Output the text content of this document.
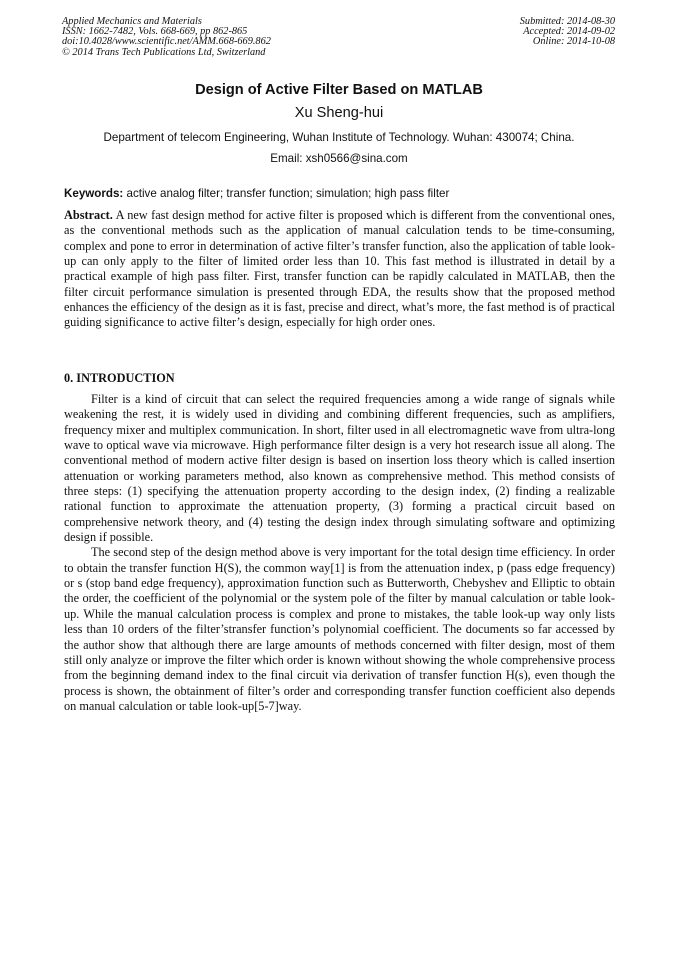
Applied Mechanics and Materials
ISSN: 1662-7482, Vols. 668-669, pp 862-865
doi:10.4028/www.scientific.net/AMM.668-669.862
© 2014 Trans Tech Publications Ltd, Switzerland
Submitted: 2014-08-30
Accepted: 2014-09-02
Online: 2014-10-08
Design of Active Filter Based on MATLAB
Xu Sheng-hui
Department of telecom Engineering, Wuhan Institute of Technology. Wuhan: 430074; China.
Email: xsh0566@sina.com
Keywords: active analog filter; transfer function; simulation; high pass filter
Abstract. A new fast design method for active filter is proposed which is different from the conventional ones, as the conventional methods such as the application of manual calculation tends to be time-consuming, complex and pone to error in determination of active filter’s transfer function, also the application of table look-up can only apply to the filter of limited order less than 10. This fast method is illustrated in detail by a practical example of high pass filter. First, transfer function can be rapidly calculated in MATLAB, then the filter circuit performance simulation is presented through EDA, the results show that the proposed method enhances the efficiency of the design as it is fast, precise and direct, what’s more, the fast method is of practical guiding significance to active filter’s design, especially for high order ones.
0. INTRODUCTION

Filter is a kind of circuit that can select the required frequencies among a wide range of signals while weakening the rest, it is widely used in dividing and combining different frequencies, such as amplifiers, frequency mixer and multiplex communication. In short, filter used in all electromagnetic wave from ultra-long wave to optical wave via microwave. High performance filter design is a very hot research issue all along. The conventional method of modern active filter design is based on insertion loss theory which is called insertion attenuation or working parameters method, also known as comprehensive method. This method consists of three steps: (1) specifying the attenuation property according to the design index, (2) finding a realizable rational function to approximate the attenuation property, (3) forming a practical circuit based on comprehensive network theory, and (4) testing the design index through simulating software and optimizing design if possible.

The second step of the design method above is very important for the total design time efficiency. In order to obtain the transfer function H(S), the common way[1] is from the attenuation index, p (pass edge frequency) or s (stop band edge frequency), approximation function such as Butterworth, Chebyshev and Elliptic to obtain the order, the coefficient of the polynomial or the system pole of the filter by manual calculation or table look-up. While the manual calculation process is complex and prone to mistakes, the table look-up way only lists less than 10 orders of the filter’stransfer function’s polynomial coefficient. The documents so far accessed by the author show that although there are large amounts of methods concerned with filter design, most of them still only analyze or improve the filter which order is known without showing the whole comprehensive process from the beginning demand index to the final circuit via derivation of transfer function H(s), even though the process is shown, the obtainment of filter’s order and corresponding transfer function coefficient also depends on manual calculation or table look-up[5-7]way.
